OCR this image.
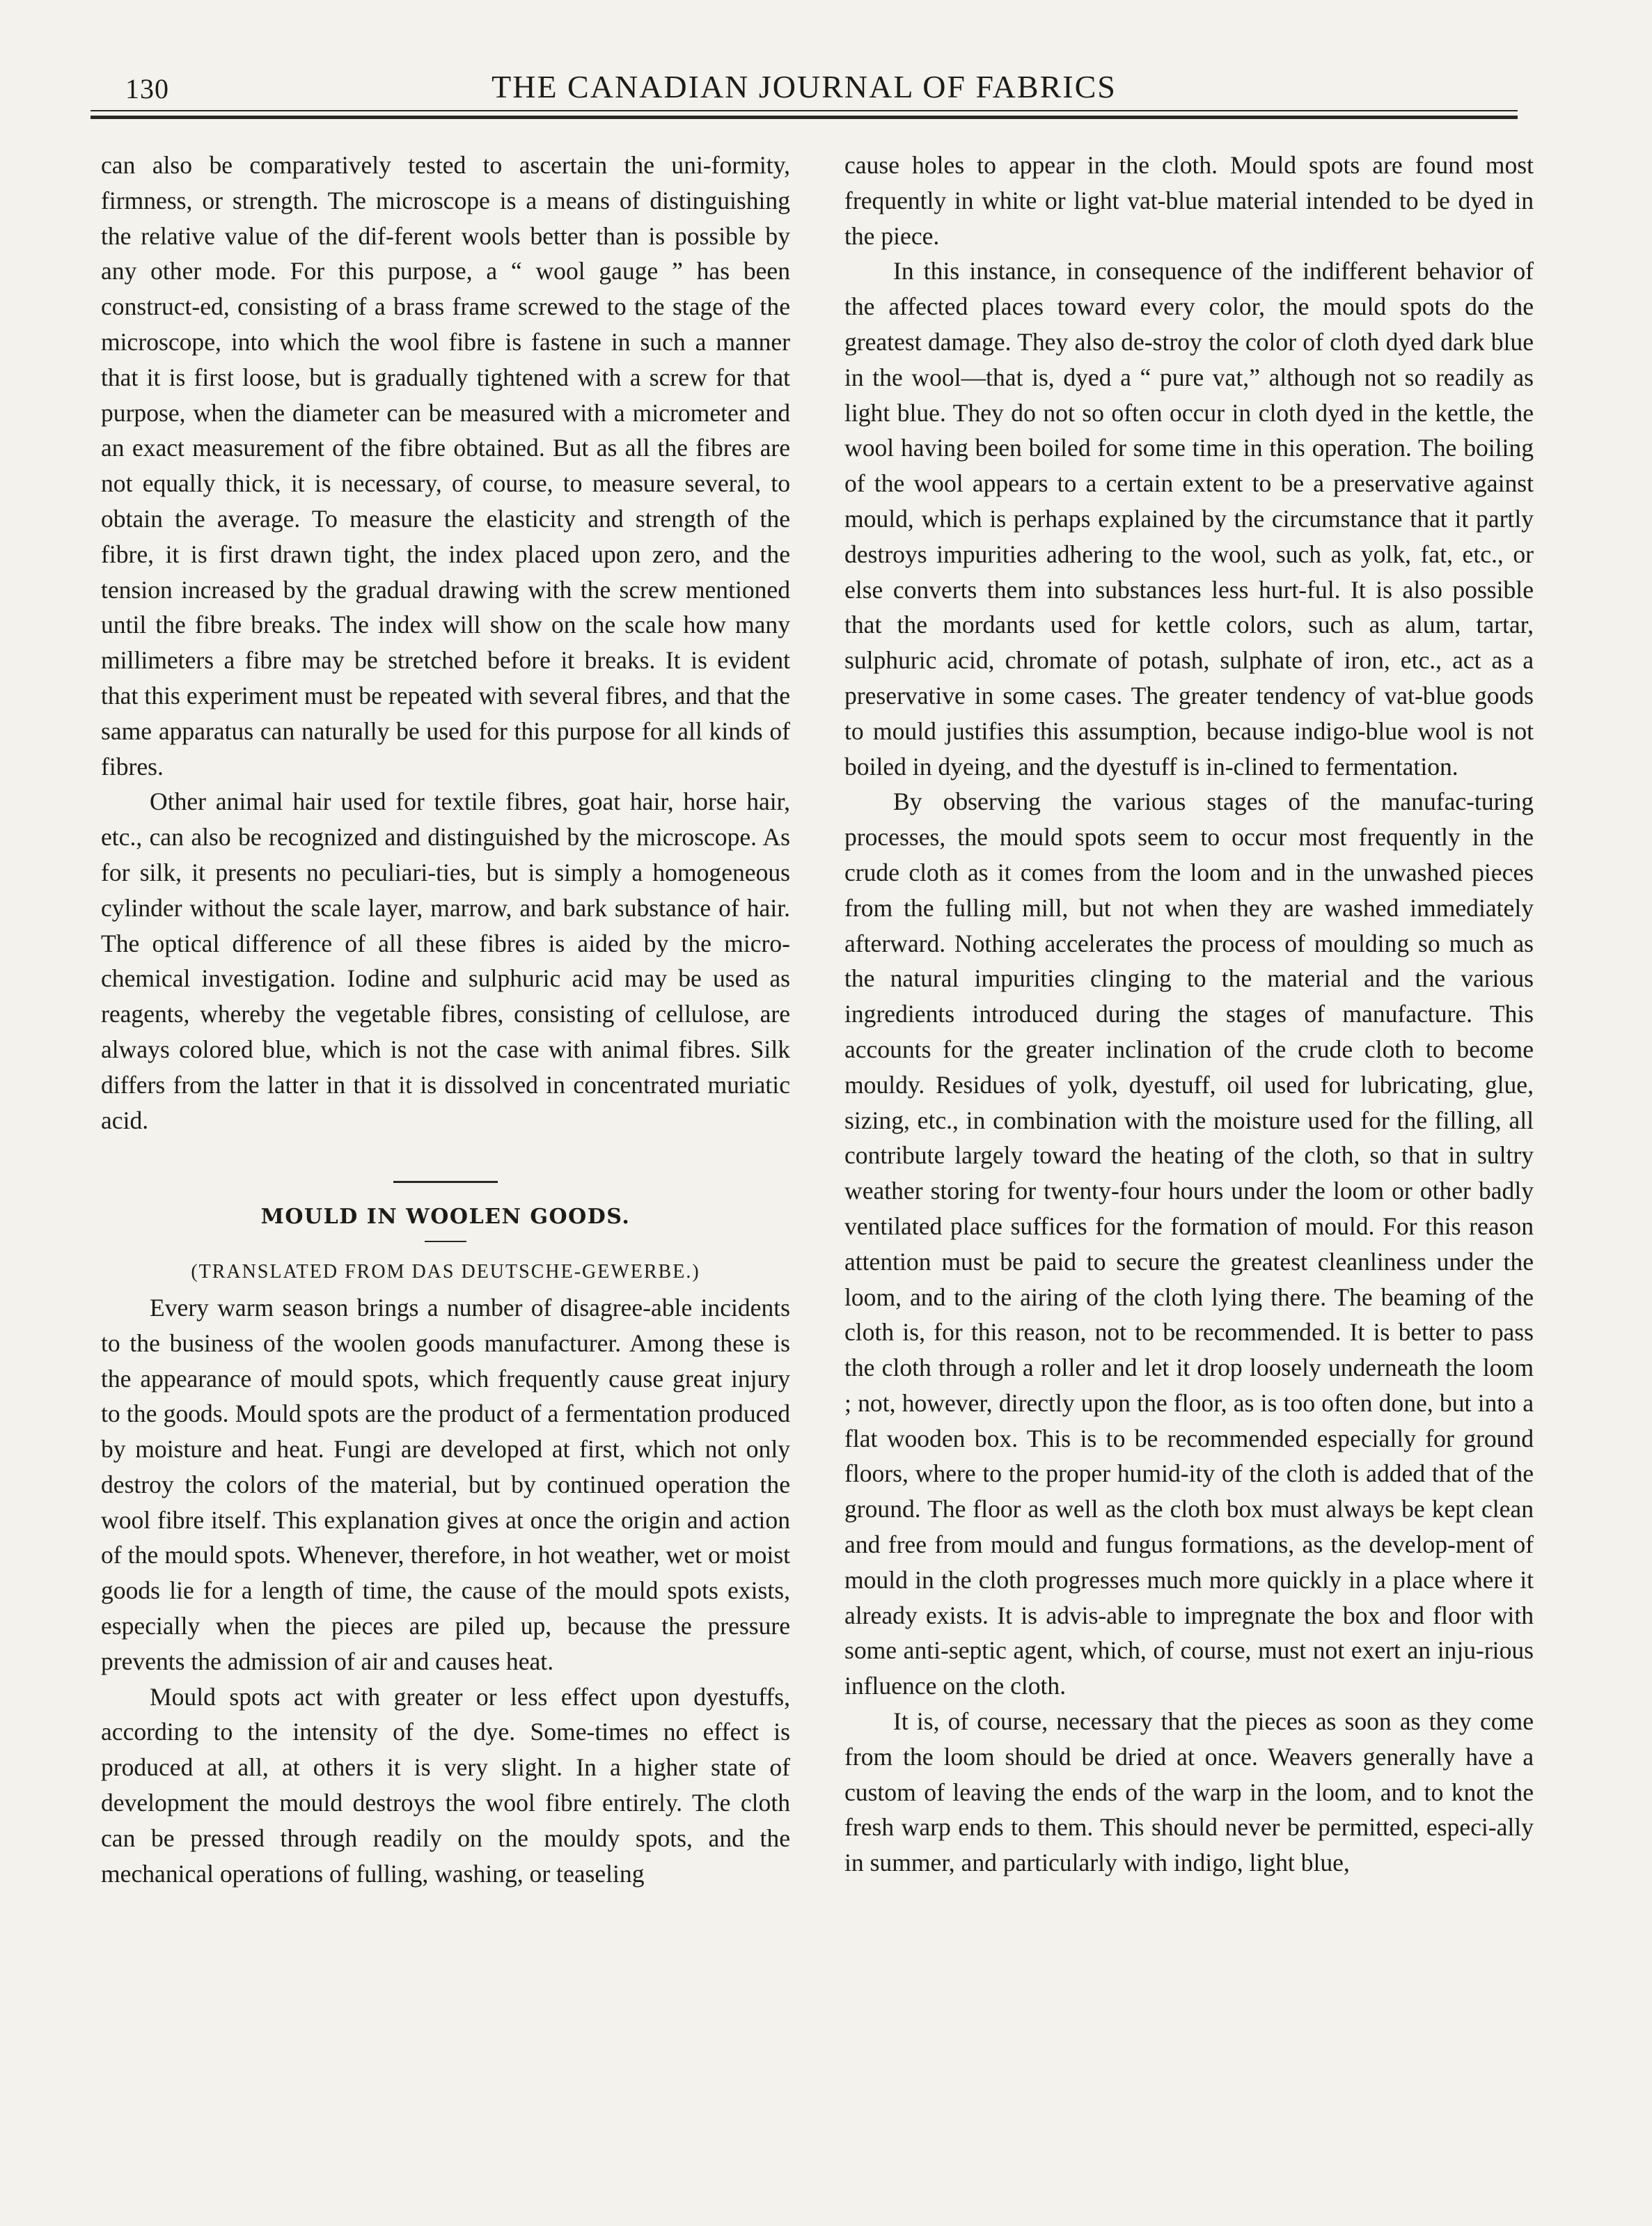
130	THE CANADIAN JOURNAL OF FABRICS

can also be comparatively tested to ascertain the uni-formity, firmness, or strength. The microscope is a means of distinguishing the relative value of the dif-ferent wools better than is possible by any other mode. For this purpose, a “ wool gauge ” has been construct-ed, consisting of a brass frame screwed to the stage of the microscope, into which the wool fibre is fastene in such a manner that it is first loose, but is gradually tightened with a screw for that purpose, when the diameter can be measured with a micrometer and an exact measurement of the fibre obtained. But as all the fibres are not equally thick, it is necessary, of course, to measure several, to obtain the average. To measure the elasticity and strength of the fibre, it is first drawn tight, the index placed upon zero, and the tension increased by the gradual drawing with the screw mentioned until the fibre breaks. The index will show on the scale how many millimeters a fibre may be stretched before it breaks. It is evident that this experiment must be repeated with several fibres, and that the same apparatus can naturally be used for this purpose for all kinds of fibres.

Other animal hair used for textile fibres, goat hair, horse hair, etc., can also be recognized and distinguished by the microscope. As for silk, it presents no peculiari-ties, but is simply a homogeneous cylinder without the scale layer, marrow, and bark substance of hair. The optical difference of all these fibres is aided by the micro-chemical investigation. Iodine and sulphuric acid may be used as reagents, whereby the vegetable fibres, consisting of cellulose, are always colored blue, which is not the case with animal fibres. Silk differs from the latter in that it is dissolved in concentrated muriatic acid.

MOULD IN WOOLEN GOODS.

(TRANSLATED FROM DAS DEUTSCHE-GEWERBE.)

Every warm season brings a number of disagree-able incidents to the business of the woolen goods manufacturer. Among these is the appearance of mould spots, which frequently cause great injury to the goods. Mould spots are the product of a fermentation produced by moisture and heat. Fungi are developed at first, which not only destroy the colors of the material, but by continued operation the wool fibre itself. This explanation gives at once the origin and action of the mould spots. Whenever, therefore, in hot weather, wet or moist goods lie for a length of time, the cause of the mould spots exists, especially when the pieces are piled up, because the pressure prevents the admission of air and causes heat.

Mould spots act with greater or less effect upon dyestuffs, according to the intensity of the dye. Some-times no effect is produced at all, at others it is very slight. In a higher state of development the mould destroys the wool fibre entirely. The cloth can be pressed through readily on the mouldy spots, and the mechanical operations of fulling, washing, or teaseling

cause holes to appear in the cloth. Mould spots are found most frequently in white or light vat-blue material intended to be dyed in the piece.

In this instance, in consequence of the indifferent behavior of the affected places toward every color, the mould spots do the greatest damage. They also de-stroy the color of cloth dyed dark blue in the wool—that is, dyed a “ pure vat,” although not so readily as light blue. They do not so often occur in cloth dyed in the kettle, the wool having been boiled for some time in this operation. The boiling of the wool appears to a certain extent to be a preservative against mould, which is perhaps explained by the circumstance that it partly destroys impurities adhering to the wool, such as yolk, fat, etc., or else converts them into substances less hurt-ful. It is also possible that the mordants used for kettle colors, such as alum, tartar, sulphuric acid, chromate of potash, sulphate of iron, etc., act as a preservative in some cases. The greater tendency of vat-blue goods to mould justifies this assumption, because indigo-blue wool is not boiled in dyeing, and the dyestuff is in-clined to fermentation.

By observing the various stages of the manufac-turing processes, the mould spots seem to occur most frequently in the crude cloth as it comes from the loom and in the unwashed pieces from the fulling mill, but not when they are washed immediately afterward. Nothing accelerates the process of moulding so much as the natural impurities clinging to the material and the various ingredients introduced during the stages of manufacture. This accounts for the greater inclination of the crude cloth to become mouldy. Residues of yolk, dyestuff, oil used for lubricating, glue, sizing, etc., in combination with the moisture used for the filling, all contribute largely toward the heating of the cloth, so that in sultry weather storing for twenty-four hours under the loom or other badly ventilated place suffices for the formation of mould. For this reason attention must be paid to secure the greatest cleanliness under the loom, and to the airing of the cloth lying there. The beaming of the cloth is, for this reason, not to be recommended. It is better to pass the cloth through a roller and let it drop loosely underneath the loom ; not, however, directly upon the floor, as is too often done, but into a flat wooden box. This is to be recommended especially for ground floors, where to the proper humid-ity of the cloth is added that of the ground. The floor as well as the cloth box must always be kept clean and free from mould and fungus formations, as the develop-ment of mould in the cloth progresses much more quickly in a place where it already exists. It is advis-able to impregnate the box and floor with some anti-septic agent, which, of course, must not exert an inju-rious influence on the cloth.

It is, of course, necessary that the pieces as soon as they come from the loom should be dried at once. Weavers generally have a custom of leaving the ends of the warp in the loom, and to knot the fresh warp ends to them. This should never be permitted, especi-ally in summer, and particularly with indigo, light blue,
